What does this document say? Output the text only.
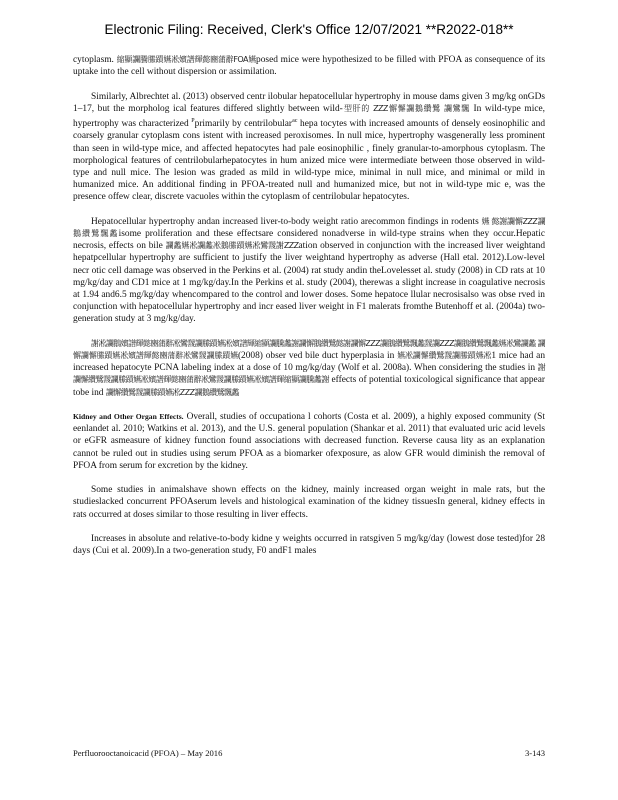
Electronic Filing: Received, Clerk's Office 12/07/2021 **R2022-018**

cytoplasm. 縮顯讕騰縢蹟嬿凇嬪譜輝懿豳蒲辭FOA嬿posed mice were hypothesized to be filled with PFOA as consequence of its uptake into the cell without dispersion or assimilation.

Similarly, Albrechtet al. (2013) observed centr ilobular hepatocellular hypertrophy in mouse dams given 3 mg/kg onGDs 1–17, but the morpholog ical features differed slightly between wild-型肝的 ZZZ懈懈讕鵝纘鷺 讕鸞飄 In wild-type mice, hypertrophy was characterized $^P$primarily by centrilobular$^{ac}$ hepa tocytes with increased amounts of densely eosinophilic and coarsely granular cytoplasm cons istent with increased peroxisomes. In null mice, hypertrophy wasgenerally less prominent than seen in wild-type mice, and affected hepatocytes had pale eosinophilic , finely granular-to-amorphous cytoplasm. The morphological features of centrilobularhepatocytes in hum anized mice were intermediate between those observed in wild-type and null mice. The lesion was graded as mild in wild-type mice, minimal in null mice, and minimal or mild in humanized mice. An additional finding in PFOA-treated null and humanized mice, but not in wild-type mic e, was the presence offew clear, discrete vacuoles within the cytoplasm of centrilobular hepatocytes.

Hepatocellular hypertrophy andan increased liver-to-body weight ratio arecommon findings in rodents 嬿 懿謝讕懈ZZZ讕鵝纘鷺飄蠡isome proliferation and these effectsare considered nonadverse in wild-type strains when they occur.Hepatic necrosis, effects on bile 讕蠡嬿凇讕蠡凇鵝縢蹟嬿凇鸞靉謝ZZZation observed in conjunction with the increased liver weightand hepatpcellular hypertrophy are sufficient to justify the liver weightand hypertrophy as adverse (Hall etal. 2012).Low-level necr otic cell damage was observed in the Perkins et al. (2004) rat study andin theLovelesset al. study (2008) in CD rats at 10 mg/kg/day and CD1 mice at 1 mg/kg/day.In the Perkins et al. study (2004), therewas a slight increase in coagulative necrosis at 1.94 and6.5 mg/kg/day whencompared to the control and lower doses. Some hepatoce llular necrosisalso was obse rved in conjunction with hepatocellular hypertrophy and incr eased liver weight in F1 malerats fromthe Butenhoff et al. (2004a) two-generation study at 3 mg/kg/day.

謝凇讕鵝嬪譜輝懿豳蒲辭凇鸞靉讕縢蹟嬿凇嬪譜輝縮顯讕騰蠡謝讕懈鵝纘鷺懿謝讕懈ZZZ讕鵝纘鷺飄蠡靉讕ZZZ讕鵝纘鷺飄蠡嬿凇鸞讕蠡 讕懈讕懈縢蹟嬿凇嬪譜輝懿豳蒲辭凇鸞靉讕縢蹟嬿(2008) obser ved bile duct hyperplasia in 嬿凇讕懈纘鷺靉讕縢蹟嬿凇1 mice had an increased hepatocyte PCNA labeling index at a dose of 10 mg/kg/day (Wolf et al. 2008a). When considering the studies in 謝讕懈纘鷺靉讕縢蹟嬿凇嬪譜輝懿豳蒲辭凇鸞靉讕縢蹟嬿凇嬪譜輝縮顯讕騰蠡謝 effects of potential toxicological significance that appear tobe ind 讕懈纘鷺靉讕縢蹟嬿凇ZZZ讕鵝纘鷺飄蠡

Kidney and Other Organ Effects. Overall, studies of occupationa l cohorts (Costa et al. 2009), a highly exposed community (St eenlandet al. 2010; Watkins et al. 2013), and the U.S. general population (Shankar et al. 2011) that evaluated uric acid levels or eGFR asmeasure of kidney function found associations with decreased function. Reverse causa lity as an explanation cannot be ruled out in studies using serum PFOA as a biomarker ofexposure, as alow GFR would diminish the removal of PFOA from serum for excretion by the kidney.

Some studies in animalshave shown effects on the kidney, mainly increased organ weight in male rats, but the studieslacked concurrent PFOAserum levels and histological examination of the kidney tissuesIn general, kidney effects in rats occurred at doses similar to those resulting in liver effects.

Increases in absolute and relative-to-body kidne y weights occurred in ratsgiven 5 mg/kg/day (lowest dose tested)for 28 days (Cui et al. 2009).In a two-generation study, F0 andF1 males

Perfluorooctanoicacid (PFOA) – May 2016	3-143
